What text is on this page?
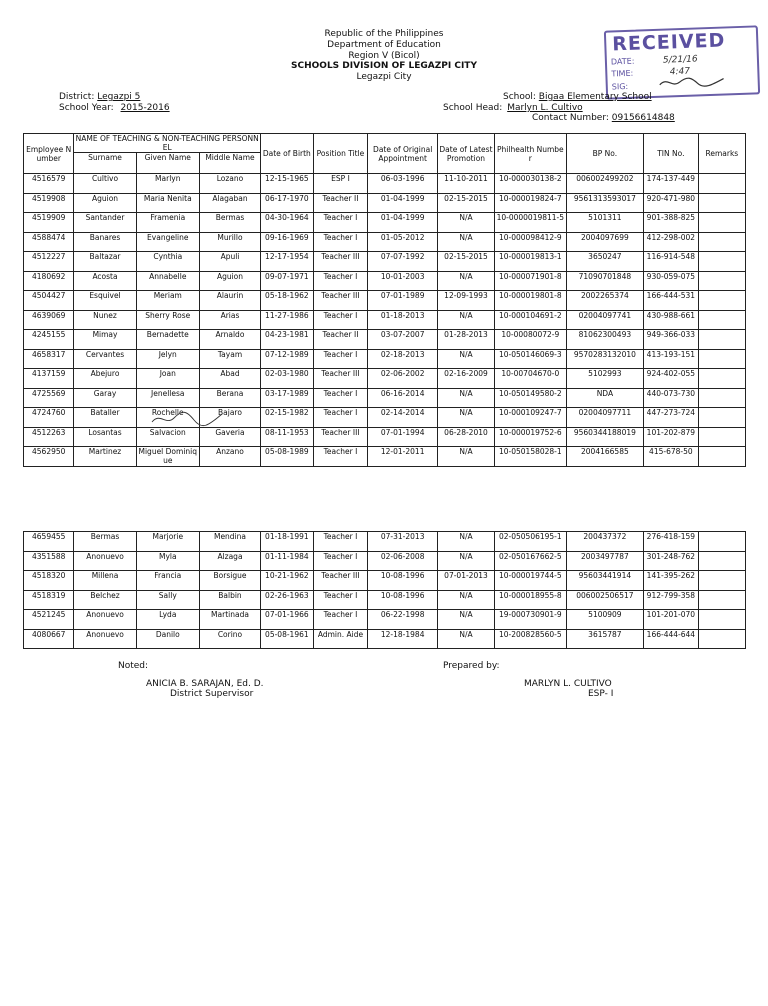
Republic of the Philippines
Department of Education
Region V (Bicol)
SCHOOLS DIVISION OF LEGAZPI CITY
Legazpi City
RECEIVED
DATE:	5/21/16
TIME:	4:47
SIG:
District: Legazpi 5
School Year: 2015-2016
School: Bigaa Elementary School
School Head: Marlyn L. Cultivo
Contact Number: 09156614848
Employee Number	NAME OF TEACHING & NON-TEACHING PERSONNEL			Date of Birth	Position Title	Date of Original Appointment	Date of Latest Promotion	Philhealth Number	BP No.	TIN No.	Remarks
	Surname	Given Name	Middle Name								
4516579	Cultivo	Marlyn	Lozano	12-15-1965	ESP I	06-03-1996	11-10-2011	10-000030138-2	006002499202	174-137-449	
4519908	Aguion	Maria Nenita	Alagaban	06-17-1970	Teacher II	01-04-1999	02-15-2015	10-000019824-7	9561313593017	920-471-980	
4519909	Santander	Framenia	Bermas	04-30-1964	Teacher I	01-04-1999	N/A	10-0000019811-5	5101311	901-388-825	
4588474	Banares	Evangeline	Murillo	09-16-1969	Teacher I	01-05-2012	N/A	10-000098412-9	2004097699	412-298-002	
4512227	Baltazar	Cynthia	Apuli	12-17-1954	Teacher III	07-07-1992	02-15-2015	10-000019813-1	3650247	116-914-548	
4180692	Acosta	Annabelle	Aguion	09-07-1971	Teacher I	10-01-2003	N/A	10-000071901-8	71090701848	930-059-075	
4504427	Esquivel	Meriam	Alaurin	05-18-1962	Teacher III	07-01-1989	12-09-1993	10-000019801-8	2002265374	166-444-531	
4639069	Nunez	Sherry Rose	Arias	11-27-1986	Teacher I	01-18-2013	N/A	10-000104691-2	02004097741	430-988-661	
4245155	Mimay	Bernadette	Arnaldo	04-23-1981	Teacher II	03-07-2007	01-28-2013	10-00080072-9	81062300493	949-366-033	
4658317	Cervantes	Jelyn	Tayam	07-12-1989	Teacher I	02-18-2013	N/A	10-050146069-3	9570283132010	413-193-151	
4137159	Abejuro	Joan	Abad	02-03-1980	Teacher III	02-06-2002	02-16-2009	10-00704670-0	5102993	924-402-055	
4725569	Garay	Jenellesa	Berana	03-17-1989	Teacher I	06-16-2014	N/A	10-050149580-2	NDA	440-073-730	
4724760	Bataller	Rochelle	Bajaro	02-15-1982	Teacher I	02-14-2014	N/A	10-000109247-7	02004097711	447-273-724	
4512263	Losantas	Salvacion	Gaveria	08-11-1953	Teacher III	07-01-1994	06-28-2010	10-000019752-6	9560344188019	101-202-879	
4562950	Martinez	Miguel Dominique	Anzano	05-08-1989	Teacher I	12-01-2011	N/A	10-050158028-1	2004166585	415-678-50	
4659455	Bermas	Marjorie	Mendina	01-18-1991	Teacher I	07-31-2013	N/A	02-050506195-1	200437372	276-418-159	
4351588	Anonuevo	Myla	Alzaga	01-11-1984	Teacher I	02-06-2008	N/A	02-050167662-5	2003497787	301-248-762	
4518320	Millena	Francia	Borsigue	10-21-1962	Teacher III	10-08-1996	07-01-2013	10-000019744-5	95603441914	141-395-262	
4518319	Belchez	Sally	Balbin	02-26-1963	Teacher I	10-08-1996	N/A	10-000018955-8	006002506517	912-799-358	
4521245	Anonuevo	Lyda	Martinada	07-01-1966	Teacher I	06-22-1998	N/A	19-000730901-9	5100909	101-201-070	
4080667	Anonuevo	Danilo	Corino	05-08-1961	Admin. Aide	12-18-1984	N/A	10-200828560-5	3615787	166-444-644	
Noted:	Prepared by:
ANICIA B. SARAJAN, Ed. D.
District Supervisor
MARLYN L. CULTIVO
ESP- I
